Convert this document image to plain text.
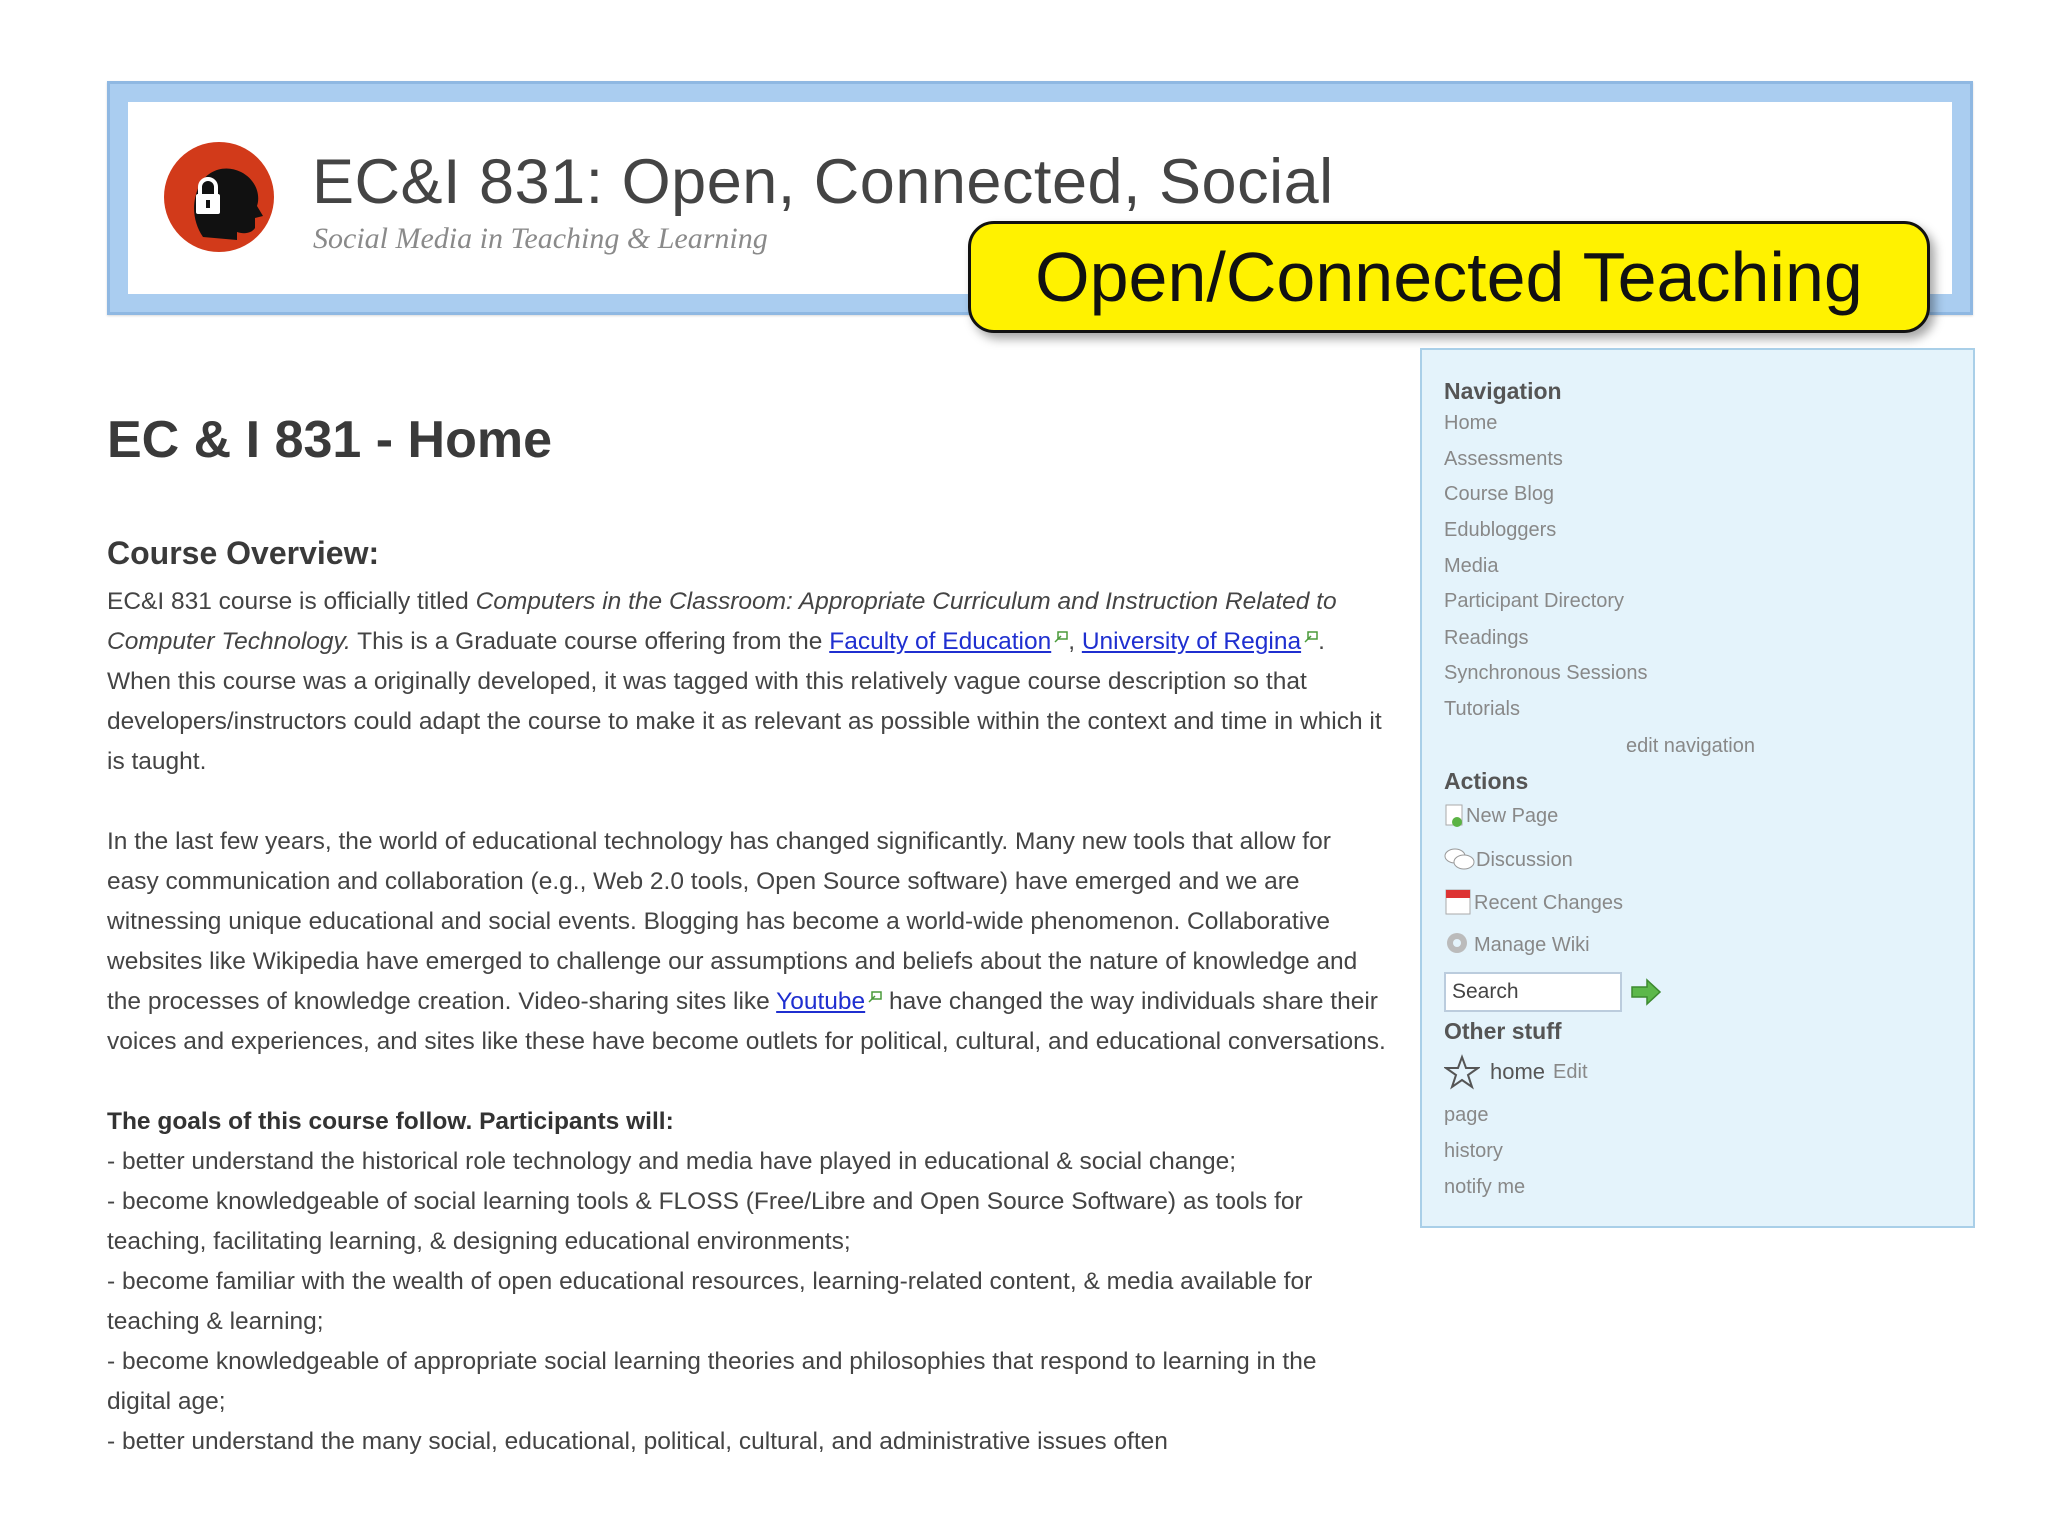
EC&I 831: Open, Connected, Social
Social Media in Teaching & Learning	Open/Connected Teaching
EC & I 831 - Home

Course Overview:

EC&I 831 course is officially titled Computers in the Classroom: Appropriate Curriculum and Instruction Related to Computer Technology. This is a Graduate course offering from the Faculty of Education , University of Regina . When this course was a originally developed, it was tagged with this relatively vague course description so that developers/instructors could adapt the course to make it as relevant as possible within the context and time in which it is taught.

In the last few years, the world of educational technology has changed significantly. Many new tools that allow for easy communication and collaboration (e.g., Web 2.0 tools, Open Source software) have emerged and we are witnessing unique educational and social events. Blogging has become a world-wide phenomenon. Collaborative websites like Wikipedia have emerged to challenge our assumptions and beliefs about the nature of knowledge and the processes of knowledge creation. Video-sharing sites like Youtube have changed the way individuals share their voices and experiences, and sites like these have become outlets for political, cultural, and educational conversations.

The goals of this course follow. Participants will:

- better understand the historical role technology and media have played in educational & social change;

- become knowledgeable of social learning tools & FLOSS (Free/Libre and Open Source Software) as tools for teaching, facilitating learning, & designing educational environments;

- become familiar with the wealth of open educational resources, learning-related content, & media available for teaching & learning;

- become knowledgeable of appropriate social learning theories and philosophies that respond to learning in the digital age;

- better understand the many social, educational, political, cultural, and administrative issues often

Navigation
Home
Assessments
Course Blog
Edubloggers
Media
Participant Directory
Readings
Synchronous Sessions
Tutorials
edit navigation
Actions
New Page
Discussion
Recent Changes
Manage Wiki
Search
Other stuff
home Edit
page
history
notify me
